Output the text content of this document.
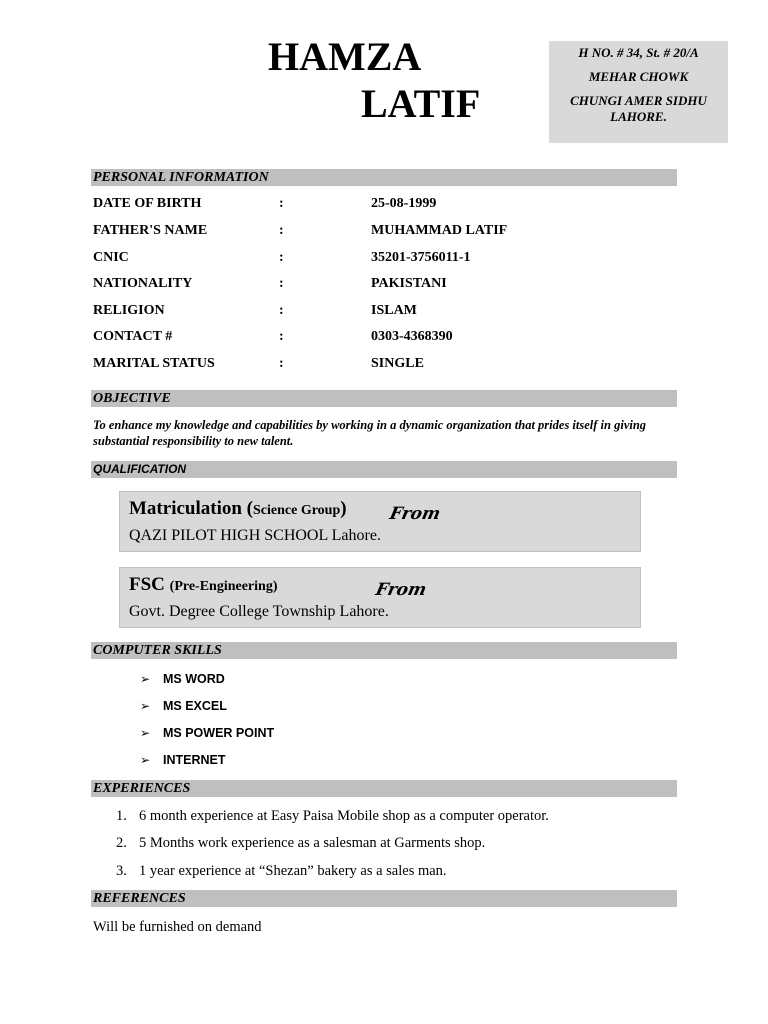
HAMZA
LATIF
H NO. # 34, St. # 20/A
MEHAR CHOWK
CHUNGI AMER SIDHU
LAHORE.
PERSONAL INFORMATION
DATE OF BIRTH	:	25-08-1999
FATHER'S NAME	:	MUHAMMAD LATIF
CNIC	:	35201-3756011-1
NATIONALITY	:	PAKISTANI
RELIGION	:	ISLAM
CONTACT #	:	0303-4368390
MARITAL STATUS	:	SINGLE
OBJECTIVE
To enhance my knowledge and capabilities by working in a dynamic organization that prides itself in giving substantial responsibility to new talent.
QUALIFICATION
Matriculation (Science Group)	From
QAZI PILOT HIGH SCHOOL Lahore.
FSC (Pre-Engineering)	From
Govt. Degree College Township Lahore.
COMPUTER SKILLS
➢ MS WORD
➢ MS EXCEL
➢ MS POWER POINT
➢ INTERNET
EXPERIENCES
1. 6 month experience at Easy Paisa Mobile shop as a computer operator.
2. 5 Months work experience as a salesman at Garments shop.
3. 1 year experience at “Shezan” bakery as a sales man.
REFERENCES
Will be furnished on demand
